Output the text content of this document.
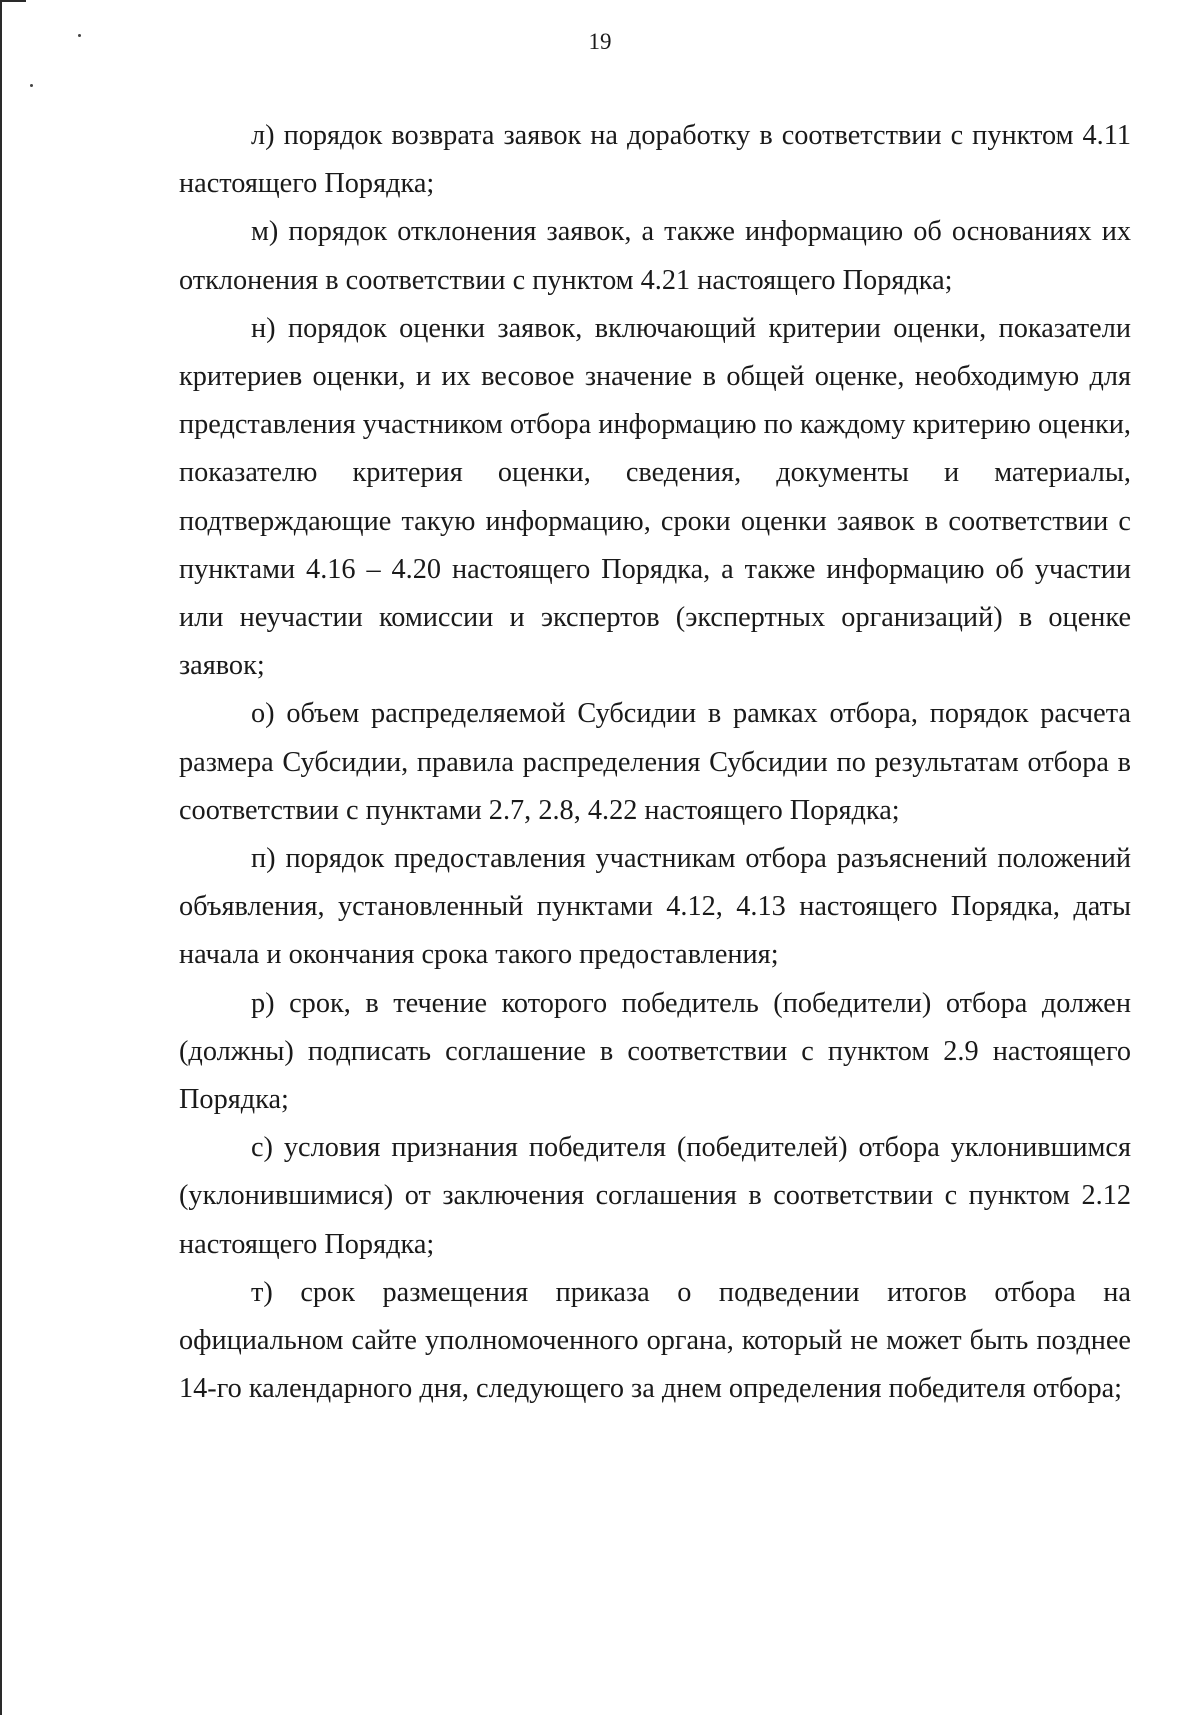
19

л) порядок возврата заявок на доработку в соответствии с пунктом 4.11 настоящего Порядка;

м) порядок отклонения заявок, а также информацию об основаниях их отклонения в соответствии с пунктом 4.21 настоящего Порядка;

н) порядок оценки заявок, включающий критерии оценки, показатели критериев оценки, и их весовое значение в общей оценке, необходимую для представления участником отбора информацию по каждому критерию оценки, показателю критерия оценки, сведения, документы и материалы, подтверждающие такую информацию, сроки оценки заявок в соответствии с пунктами 4.16 – 4.20 настоящего Порядка, а также информацию об участии или неучастии комиссии и экспертов (экспертных организаций) в оценке заявок;

о) объем распределяемой Субсидии в рамках отбора, порядок расчета размера Субсидии, правила распределения Субсидии по результатам отбора в соответствии с пунктами 2.7, 2.8, 4.22 настоящего Порядка;

п) порядок предоставления участникам отбора разъяснений положений объявления, установленный пунктами 4.12, 4.13 настоящего Порядка, даты начала и окончания срока такого предоставления;

р) срок, в течение которого победитель (победители) отбора должен (должны) подписать соглашение в соответствии с пунктом 2.9 настоящего Порядка;

с) условия признания победителя (победителей) отбора уклонившимся (уклонившимися) от заключения соглашения в соответствии с пунктом 2.12 настоящего Порядка;

т) срок размещения приказа о подведении итогов отбора на официальном сайте уполномоченного органа, который не может быть позднее 14-го календарного дня, следующего за днем определения победителя отбора;
